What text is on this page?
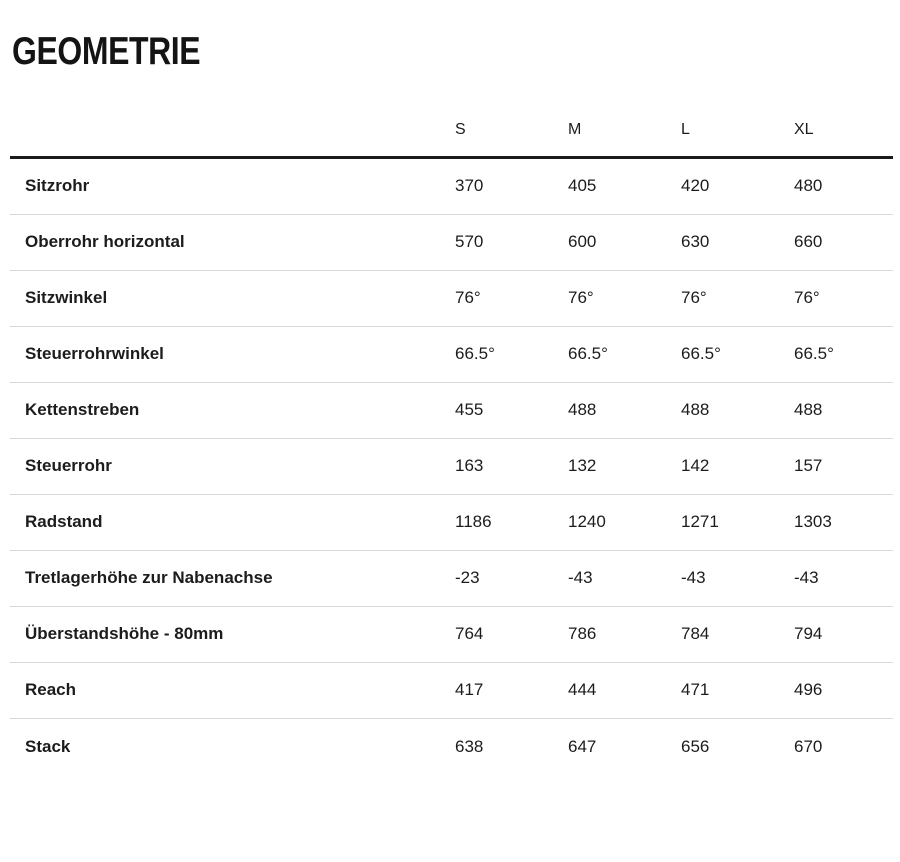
GEOMETRIE
S	M	L	XL
Sitzrohr	370	405	420	480
Oberrohr horizontal	570	600	630	660
Sitzwinkel	76°	76°	76°	76°
Steuerrohrwinkel	66.5°	66.5°	66.5°	66.5°
Kettenstreben	455	488	488	488
Steuerrohr	163	132	142	157
Radstand	1186	1240	1271	1303
Tretlagerhöhe zur Nabenachse	-23	-43	-43	-43
Überstandshöhe - 80mm	764	786	784	794
Reach	417	444	471	496
Stack	638	647	656	670
